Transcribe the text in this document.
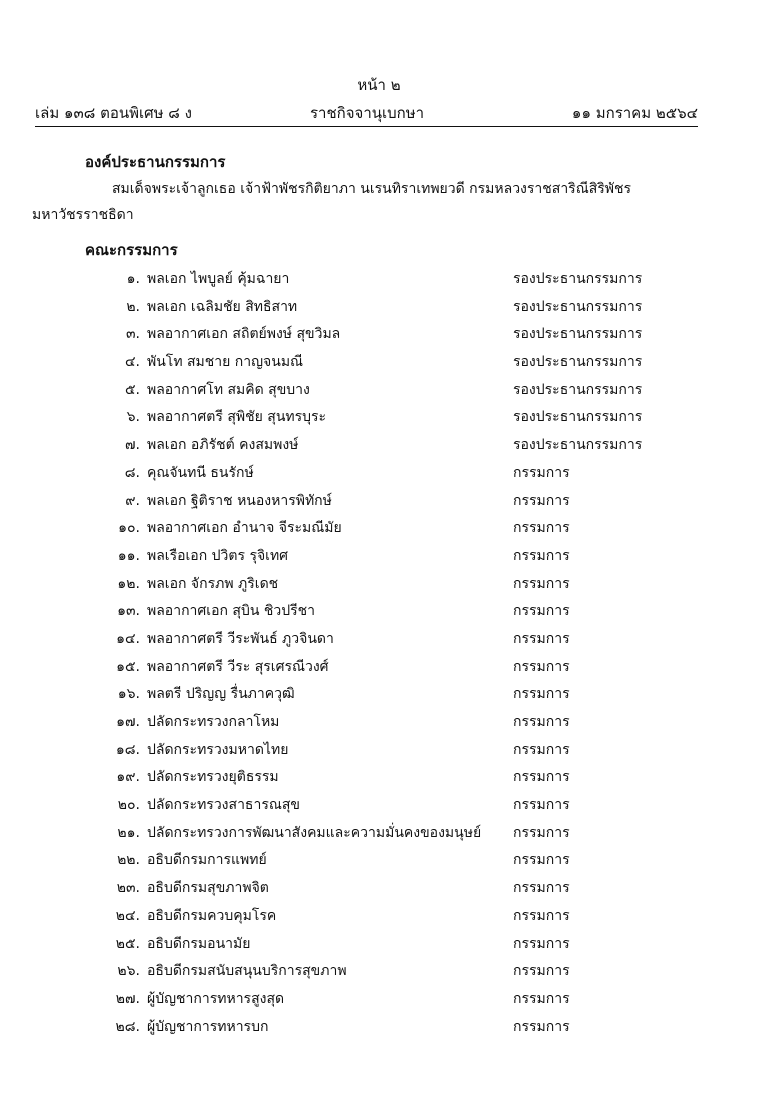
หน้า ๒
เล่ม ๑๓๘ ตอนพิเศษ ๘ ง	ราชกิจจานุเบกษา	๑๑ มกราคม ๒๕๖๔
องค์ประธานกรรมการ
สมเด็จพระเจ้าลูกเธอ เจ้าฟ้าพัชรกิติยาภา นเรนทิราเทพยวดี กรมหลวงราชสาริณีสิริพัชร
มหาวัชรราชธิดา
คณะกรรมการ
๑. พลเอก ไพบูลย์ คุ้มฉายา	รองประธานกรรมการ
๒. พลเอก เฉลิมชัย สิทธิสาท	รองประธานกรรมการ
๓. พลอากาศเอก สถิตย์พงษ์ สุขวิมล	รองประธานกรรมการ
๔. พันโท สมชาย กาญจนมณี	รองประธานกรรมการ
๕. พลอากาศโท สมคิด สุขบาง	รองประธานกรรมการ
๖. พลอากาศตรี สุพิชัย สุนทรบุระ	รองประธานกรรมการ
๗. พลเอก อภิรัชต์ คงสมพงษ์	รองประธานกรรมการ
๘. คุณจันทนี ธนรักษ์	กรรมการ
๙. พลเอก ฐิติราช หนองหารพิทักษ์	กรรมการ
๑๐. พลอากาศเอก อำนาจ จีระมณีมัย	กรรมการ
๑๑. พลเรือเอก ปวิตร รุจิเทศ	กรรมการ
๑๒. พลเอก จักรภพ ภูริเดช	กรรมการ
๑๓. พลอากาศเอก สุบิน ชิวปรีชา	กรรมการ
๑๔. พลอากาศตรี วีระพันธ์ ภูวจินดา	กรรมการ
๑๕. พลอากาศตรี วีระ สุรเศรณีวงศ์	กรรมการ
๑๖. พลตรี ปริญญ รื่นภาควุฒิ	กรรมการ
๑๗. ปลัดกระทรวงกลาโหม	กรรมการ
๑๘. ปลัดกระทรวงมหาดไทย	กรรมการ
๑๙. ปลัดกระทรวงยุติธรรม	กรรมการ
๒๐. ปลัดกระทรวงสาธารณสุข	กรรมการ
๒๑. ปลัดกระทรวงการพัฒนาสังคมและความมั่นคงของมนุษย์	กรรมการ
๒๒. อธิบดีกรมการแพทย์	กรรมการ
๒๓. อธิบดีกรมสุขภาพจิต	กรรมการ
๒๔. อธิบดีกรมควบคุมโรค	กรรมการ
๒๕. อธิบดีกรมอนามัย	กรรมการ
๒๖. อธิบดีกรมสนับสนุนบริการสุขภาพ	กรรมการ
๒๗. ผู้บัญชาการทหารสูงสุด	กรรมการ
๒๘. ผู้บัญชาการทหารบก	กรรมการ
